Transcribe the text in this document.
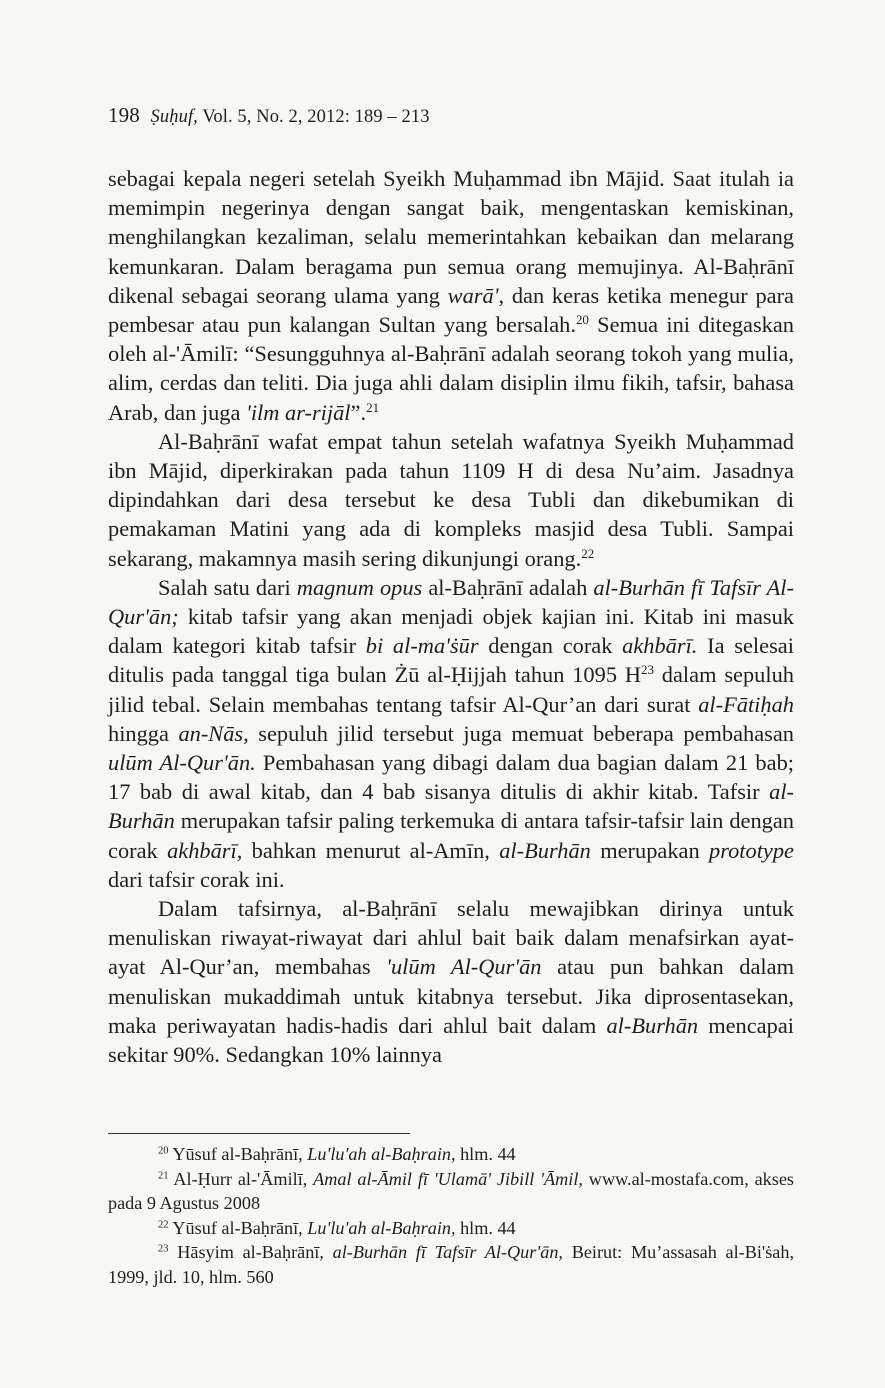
198 Ṣuḥuf, Vol. 5, No. 2, 2012: 189 – 213

sebagai kepala negeri setelah Syeikh Muḥammad ibn Mājid. Saat itulah ia memimpin negerinya dengan sangat baik, mengentaskan kemiskinan, menghilangkan kezaliman, selalu memerintahkan kebaikan dan melarang kemunkaran. Dalam beragama pun semua orang memujinya. Al-Baḥrānī dikenal sebagai seorang ulama yang warā', dan keras ketika menegur para pembesar atau pun kalangan Sultan yang bersalah.$^{20}$ Semua ini ditegaskan oleh al-'Āmilī: “Sesungguhnya al-Baḥrānī adalah seorang tokoh yang mulia, alim, cerdas dan teliti. Dia juga ahli dalam disiplin ilmu fikih, tafsir, bahasa Arab, dan juga 'ilm ar-rijāl”.$^{21}$

Al-Baḥrānī wafat empat tahun setelah wafatnya Syeikh Muḥammad ibn Mājid, diperkirakan pada tahun 1109 H di desa Nu’aim. Jasadnya dipindahkan dari desa tersebut ke desa Tubli dan dikebumikan di pemakaman Matini yang ada di kompleks masjid desa Tubli. Sampai sekarang, makamnya masih sering dikunjungi orang.$^{22}$

Salah satu dari magnum opus al-Baḥrānī adalah al-Burhān fī Tafsīr Al-Qur'ān; kitab tafsir yang akan menjadi objek kajian ini. Kitab ini masuk dalam kategori kitab tafsir bi al-ma'ṡūr dengan corak akhbārī. Ia selesai ditulis pada tanggal tiga bulan Żū al-Ḥijjah tahun 1095 $H^{23}$ dalam sepuluh jilid tebal. Selain membahas tentang tafsir Al-Qur’an dari surat al-Fātiḥah hingga an-Nās, sepuluh jilid tersebut juga memuat beberapa pembahasan ulūm Al-Qur'ān. Pembahasan yang dibagi dalam dua bagian dalam 21 bab; 17 bab di awal kitab, dan 4 bab sisanya ditulis di akhir kitab. Tafsir al-Burhān merupakan tafsir paling terkemuka di antara tafsir-tafsir lain dengan corak akhbārī, bahkan menurut al-Amīn, al-Burhān merupakan prototype dari tafsir corak ini.

Dalam tafsirnya, al-Baḥrānī selalu mewajibkan dirinya untuk menuliskan riwayat-riwayat dari ahlul bait baik dalam menafsirkan ayat-ayat Al-Qur’an, membahas 'ulūm Al-Qur'ān atau pun bahkan dalam menuliskan mukaddimah untuk kitabnya tersebut. Jika diprosentasekan, maka periwayatan hadis-hadis dari ahlul bait dalam al-Burhān mencapai sekitar 90%. Sedangkan 10% lainnya

$^{20}$ Yūsuf al-Baḥrānī, Lu'lu'ah al-Baḥrain, hlm. 44

$^{21}$ Al-Ḥurr al-'Āmilī, Amal al-Āmil fī 'Ulamā' Jibill 'Āmil, www.al-mostafa.com, akses pada 9 Agustus 2008

$^{22}$ Yūsuf al-Baḥrānī, Lu'lu'ah al-Baḥrain, hlm. 44

$^{23}$ Hāsyim al-Baḥrānī, al-Burhān fī Tafsīr Al-Qur'ān, Beirut: Mu’assasah al-Bi'ṡah, 1999, jld. 10, hlm. 560
